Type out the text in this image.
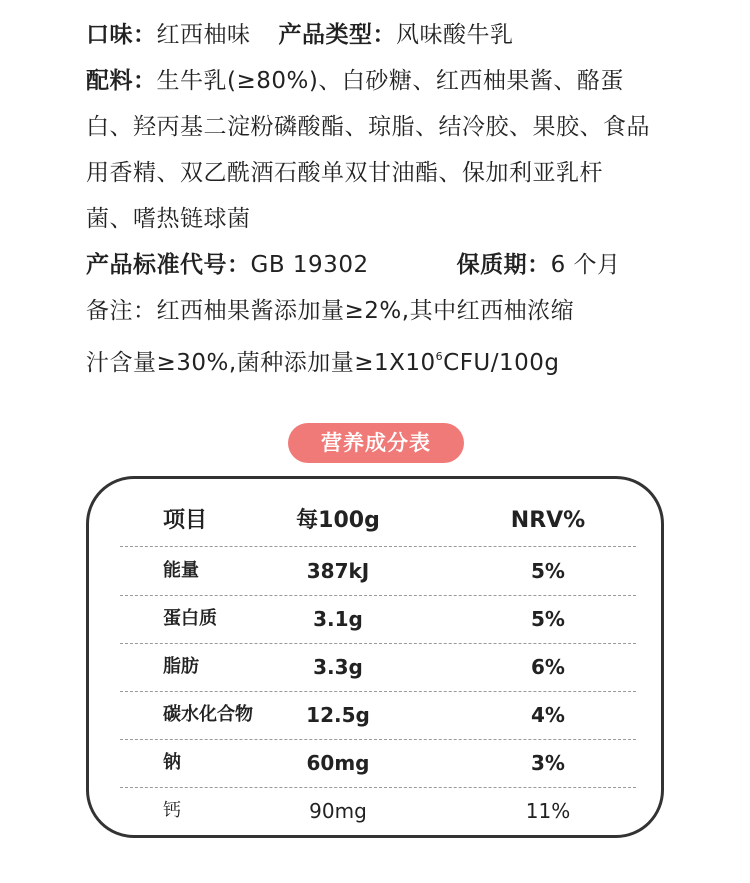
口味：红西柚味 产品类型：风味酸牛乳
配料：生牛乳(≥80%)、白砂糖、红西柚果酱、酪蛋
白、羟丙基二淀粉磷酸酯、琼脂、结冷胶、果胶、食品
用香精、双乙酰酒石酸单双甘油酯、保加利亚乳杆
菌、嗜热链球菌
产品标准代号：GB 19302	保质期：6 个月
备注：红西柚果酱添加量≥2%,其中红西柚浓缩
汁含量≥30%,菌种添加量$\ge 1X10^6CFU/100g$
营养成分表
项目	每100g	NRV%
能量	387kJ	5%
蛋白质	3.1g	5%
脂肪	3.3g	6%
碳水化合物	12.5g	4%
钠	60mg	3%
钙	90mg	11%
